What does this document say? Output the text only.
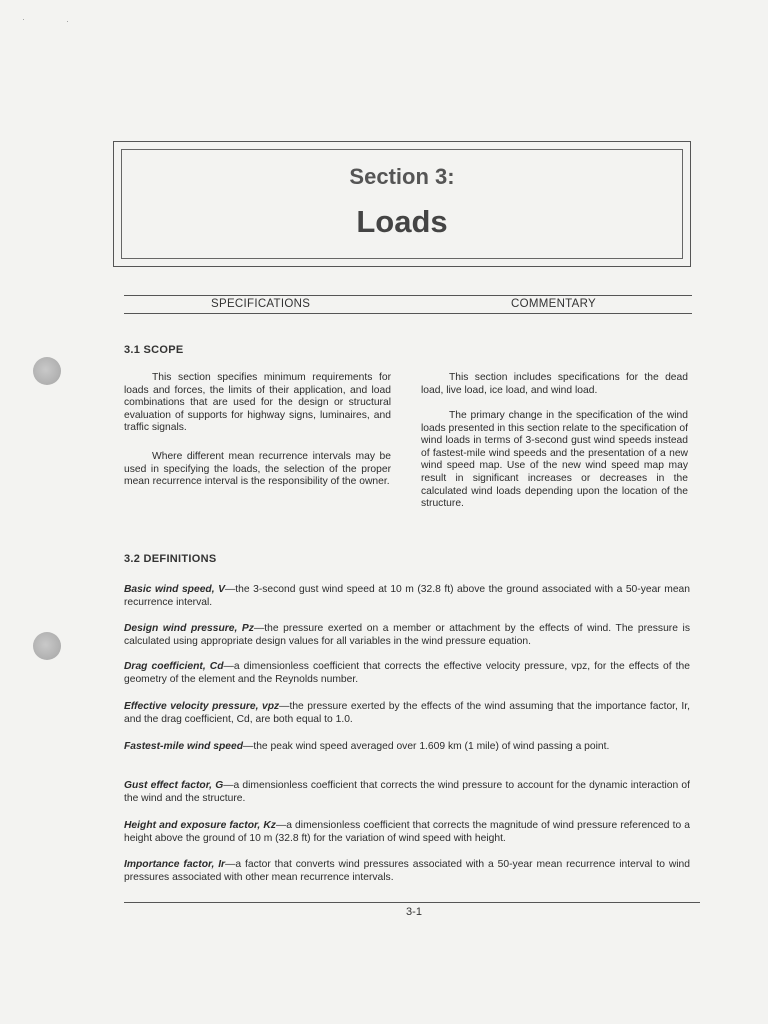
·	·
Section 3:
Loads
SPECIFICATIONS	COMMENTARY
3.1 SCOPE
This section specifies minimum requirements for loads and forces, the limits of their application, and load combinations that are used for the design or structural evaluation of supports for highway signs, luminaires, and traffic signals.
Where different mean recurrence intervals may be used in specifying the loads, the selection of the proper mean recurrence interval is the responsibility of the owner.
This section includes specifications for the dead load, live load, ice load, and wind load.
The primary change in the specification of the wind loads presented in this section relate to the specification of wind loads in terms of 3-second gust wind speeds instead of fastest-mile wind speeds and the presentation of a new wind speed map. Use of the new wind speed map may result in significant increases or decreases in the calculated wind loads depending upon the location of the structure.
3.2 DEFINITIONS
Basic wind speed, V—the 3-second gust wind speed at 10 m (32.8 ft) above the ground associated with a 50-year mean recurrence interval.
Design wind pressure, Pz—the pressure exerted on a member or attachment by the effects of wind. The pressure is calculated using appropriate design values for all variables in the wind pressure equation.
Drag coefficient, Cd—a dimensionless coefficient that corrects the effective velocity pressure, vpz, for the effects of the geometry of the element and the Reynolds number.
Effective velocity pressure, vpz—the pressure exerted by the effects of the wind assuming that the importance factor, Ir, and the drag coefficient, Cd, are both equal to 1.0.
Fastest-mile wind speed—the peak wind speed averaged over 1.609 km (1 mile) of wind passing a point.
Gust effect factor, G—a dimensionless coefficient that corrects the wind pressure to account for the dynamic interaction of the wind and the structure.
Height and exposure factor, Kz—a dimensionless coefficient that corrects the magnitude of wind pressure referenced to a height above the ground of 10 m (32.8 ft) for the variation of wind speed with height.
Importance factor, Ir—a factor that converts wind pressures associated with a 50-year mean recurrence interval to wind pressures associated with other mean recurrence intervals.
3-1
